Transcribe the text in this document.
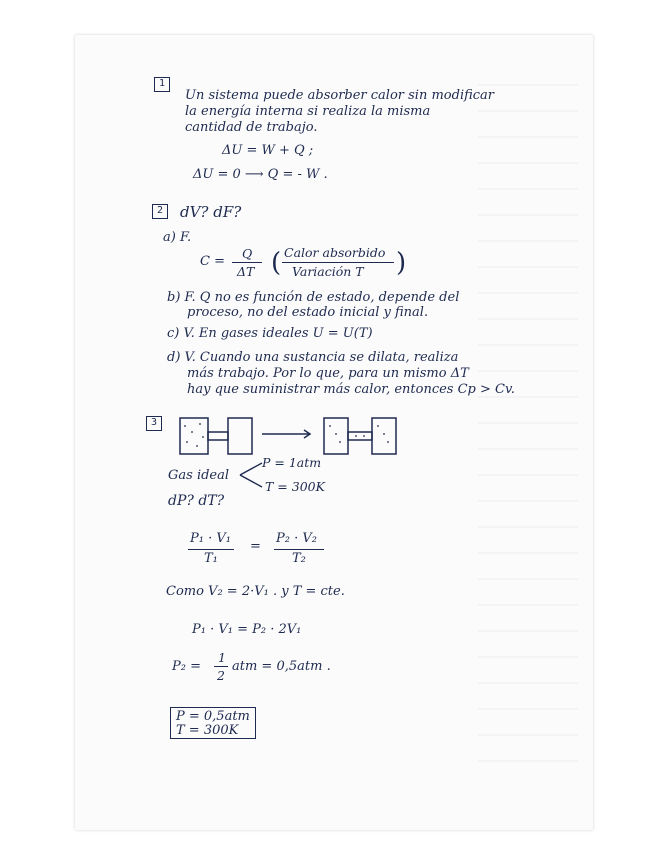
1
Un sistema puede absorber calor sin modificar
la energía interna si realiza la misma
cantidad de trabajo.
ΔU = W + Q ;
ΔU = 0 ⟶ Q = - W .
2	dV? dF?
a) F.
C =
Q
ΔT ( Calor absorbido
Variación T )
b) F. Q no es función de estado, depende del
proceso, no del estado inicial y final.
c) V. En gases ideales U = U(T)
d) V. Cuando una sustancia se dilata, realiza
más trabajo. Por lo que, para un mismo ΔT
hay que suministrar más calor, entonces Cp > Cv.
3
Gas ideal
P = 1atm
T = 300K
dP? dT?
P₁ · V₁
T₁
=
P₂ · V₂
T₂
Como V₂ = 2·V₁ . y T = cte.
P₁ · V₁ = P₂ · 2V₁
P₂ =
1
2
atm = 0,5atm .
P = 0,5atm
T = 300K
